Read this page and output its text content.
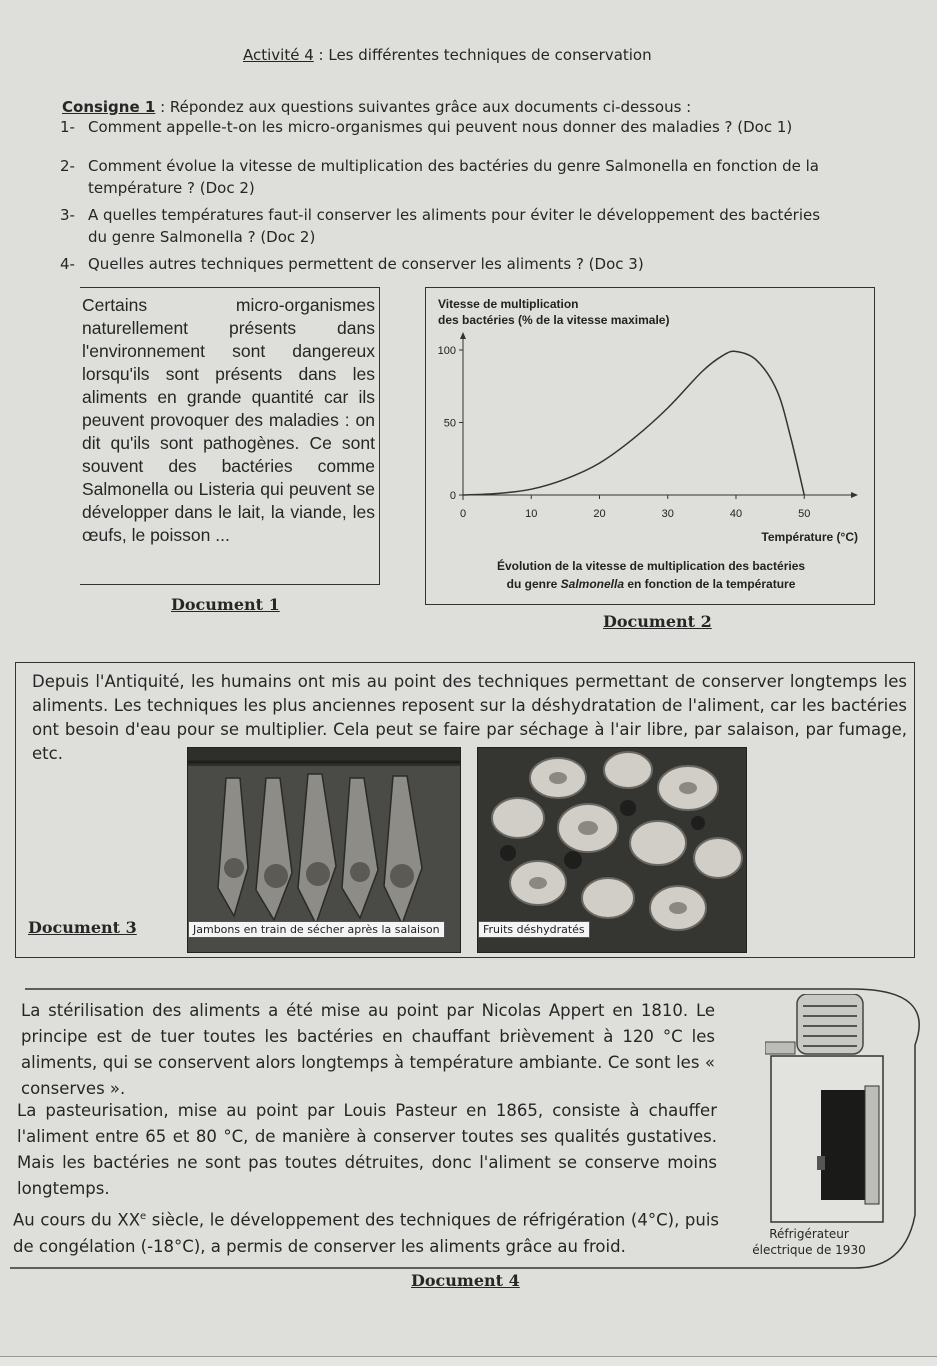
Activité 4 : Les différentes techniques de conservation
Consigne 1 : Répondez aux questions suivantes grâce aux documents ci-dessous :
1- Comment appelle-t-on les micro-organismes qui peuvent nous donner des maladies ? (Doc 1)
2- Comment évolue la vitesse de multiplication des bactéries du genre Salmonella en fonction de la
température ? (Doc 2)
3- A quelles températures faut-il conserver les aliments pour éviter le développement des bactéries
du genre Salmonella ? (Doc 2)
4- Quelles autres techniques permettent de conserver les aliments ? (Doc 3)
Certains micro-organismes naturellement présents dans l'environnement sont dangereux lorsqu'ils sont présents dans les aliments en grande quantité car ils peuvent provoquer des maladies : on dit qu'ils sont pathogènes. Ce sont souvent des bactéries comme Salmonella ou Listeria qui peuvent se développer dans le lait, la viande, les œufs, le poisson ...
Document 1
Vitesse de multiplication
des bactéries (% de la vitesse maximale)
0
50
100
0	10	20	30	40	50
Température (°C)
Évolution de la vitesse de multiplication des bactéries
du genre Salmonella en fonction de la température
Document 2
Depuis l'Antiquité, les humains ont mis au point des techniques permettant de conserver longtemps les aliments. Les techniques les plus anciennes reposent sur la déshydratation de l'aliment, car les bactéries ont besoin d'eau pour se multiplier. Cela peut se faire par séchage à l'air libre, par salaison, par fumage, etc.
Jambons en train de sécher après la salaison	Fruits déshydratés
Document 3
La stérilisation des aliments a été mise au point par Nicolas Appert en 1810. Le principe est de tuer toutes les bactéries en chauffant brièvement à 120 °C les aliments, qui se conservent alors longtemps à température ambiante. Ce sont les « conserves ».
La pasteurisation, mise au point par Louis Pasteur en 1865, consiste à chauffer l'aliment entre 65 et 80 °C, de manière à conserver toutes ses qualités gustatives. Mais les bactéries ne sont pas toutes détruites, donc l'aliment se conserve moins longtemps.
Au cours du XXe siècle, le développement des techniques de réfrigération (4°C), puis de congélation (-18°C), a permis de conserver les aliments grâce au froid.
Réfrigérateur
électrique de 1930
Document 4
